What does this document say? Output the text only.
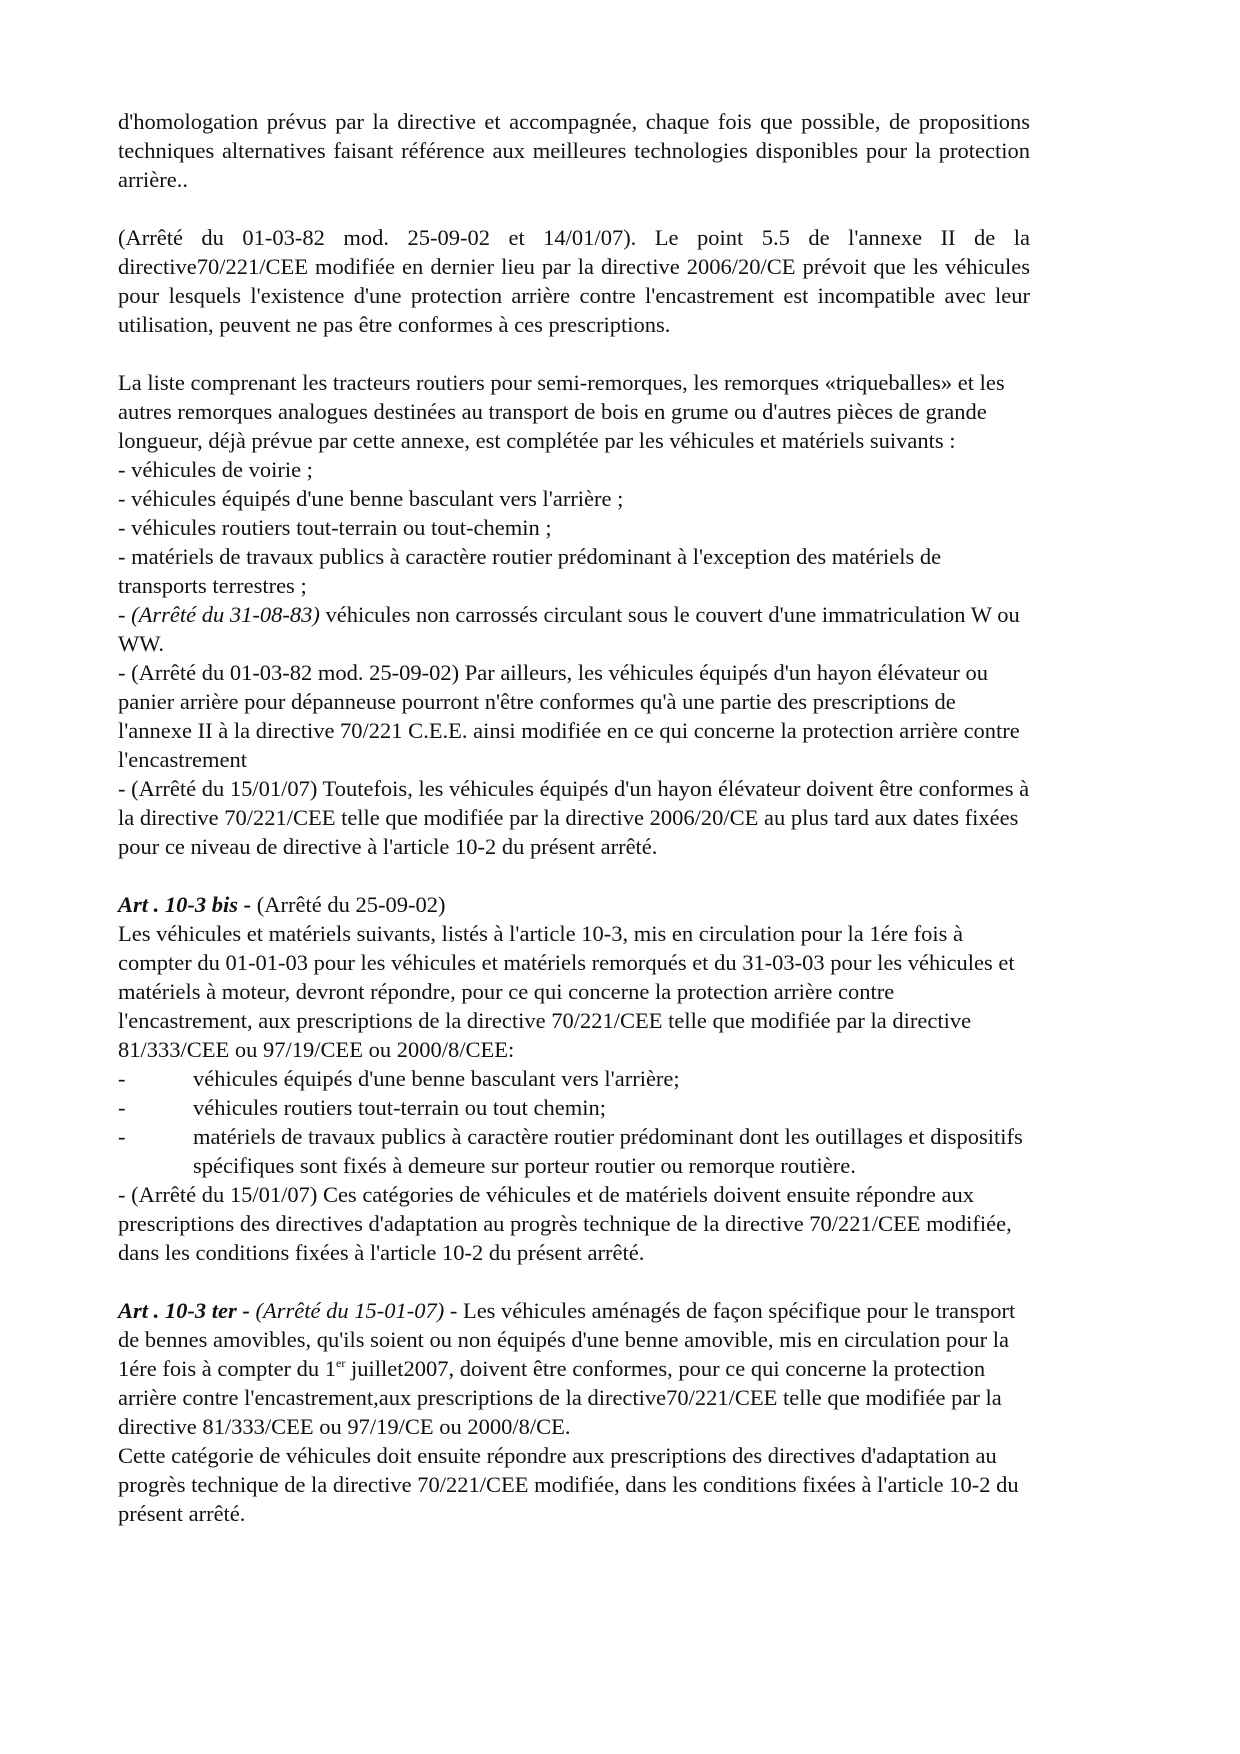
d'homologation prévus par la directive et accompagnée, chaque fois que possible, de propositions techniques alternatives faisant référence aux meilleures technologies disponibles pour la protection arrière..

(Arrêté du 01-03-82 mod. 25-09-02 et 14/01/07). Le point 5.5 de l'annexe II de la directive70/221/CEE modifiée en dernier lieu par la directive 2006/20/CE prévoit que les véhicules pour lesquels l'existence d'une protection arrière contre l'encastrement est incompatible avec leur utilisation, peuvent ne pas être conformes à ces prescriptions.

La liste comprenant les tracteurs routiers pour semi-remorques, les remorques «triqueballes» et les autres remorques analogues destinées au transport de bois en grume ou d'autres pièces de grande longueur, déjà prévue par cette annexe, est complétée par les véhicules et matériels suivants :

- véhicules de voirie ;

- véhicules équipés d'une benne basculant vers l'arrière ;

- véhicules routiers tout-terrain ou tout-chemin ;

- matériels de travaux publics à caractère routier prédominant à l'exception des matériels de transports terrestres ;

- (Arrêté du 31-08-83) véhicules non carrossés circulant sous le couvert d'une immatriculation W ou WW.

- (Arrêté du 01-03-82 mod. 25-09-02) Par ailleurs, les véhicules équipés d'un hayon élévateur ou panier arrière pour dépanneuse pourront n'être conformes qu'à une partie des prescriptions de l'annexe II à la directive 70/221 C.E.E. ainsi modifiée en ce qui concerne la protection arrière contre l'encastrement

- (Arrêté du 15/01/07) Toutefois, les véhicules équipés d'un hayon élévateur doivent être conformes à la directive 70/221/CEE telle que modifiée par la directive 2006/20/CE au plus tard aux dates fixées pour ce niveau de directive à l'article 10-2 du présent arrêté.

Art . 10-3 bis - (Arrêté du 25-09-02)

Les véhicules et matériels suivants, listés à l'article 10-3, mis en circulation pour la 1ére fois à compter du 01-01-03 pour les véhicules et matériels remorqués et du 31-03-03 pour les véhicules et matériels à moteur, devront répondre, pour ce qui concerne la protection arrière contre l'encastrement, aux prescriptions de la directive 70/221/CEE telle que modifiée par la directive 81/333/CEE ou 97/19/CEE ou 2000/8/CEE:

-	véhicules équipés d'une benne basculant vers l'arrière;
-	véhicules routiers tout-terrain ou tout chemin;
-	matériels de travaux publics à caractère routier prédominant dont les outillages et dispositifs spécifiques sont fixés à demeure sur porteur routier ou remorque routière.

- (Arrêté du 15/01/07) Ces catégories de véhicules et de matériels doivent ensuite répondre aux prescriptions des directives d'adaptation au progrès technique de la directive 70/221/CEE modifiée, dans les conditions fixées à l'article 10-2 du présent arrêté.

Art . 10-3 ter - (Arrêté du 15-01-07) - Les véhicules aménagés de façon spécifique pour le transport de bennes amovibles, qu'ils soient ou non équipés d'une benne amovible, mis en circulation pour la 1ére fois à compter du 1er juillet2007, doivent être conformes, pour ce qui concerne la protection arrière contre l'encastrement,aux prescriptions de la directive70/221/CEE telle que modifiée par la directive 81/333/CEE ou 97/19/CE ou 2000/8/CE.

Cette catégorie de véhicules doit ensuite répondre aux prescriptions des directives d'adaptation au progrès technique de la directive 70/221/CEE modifiée, dans les conditions fixées à l'article 10-2 du présent arrêté.
